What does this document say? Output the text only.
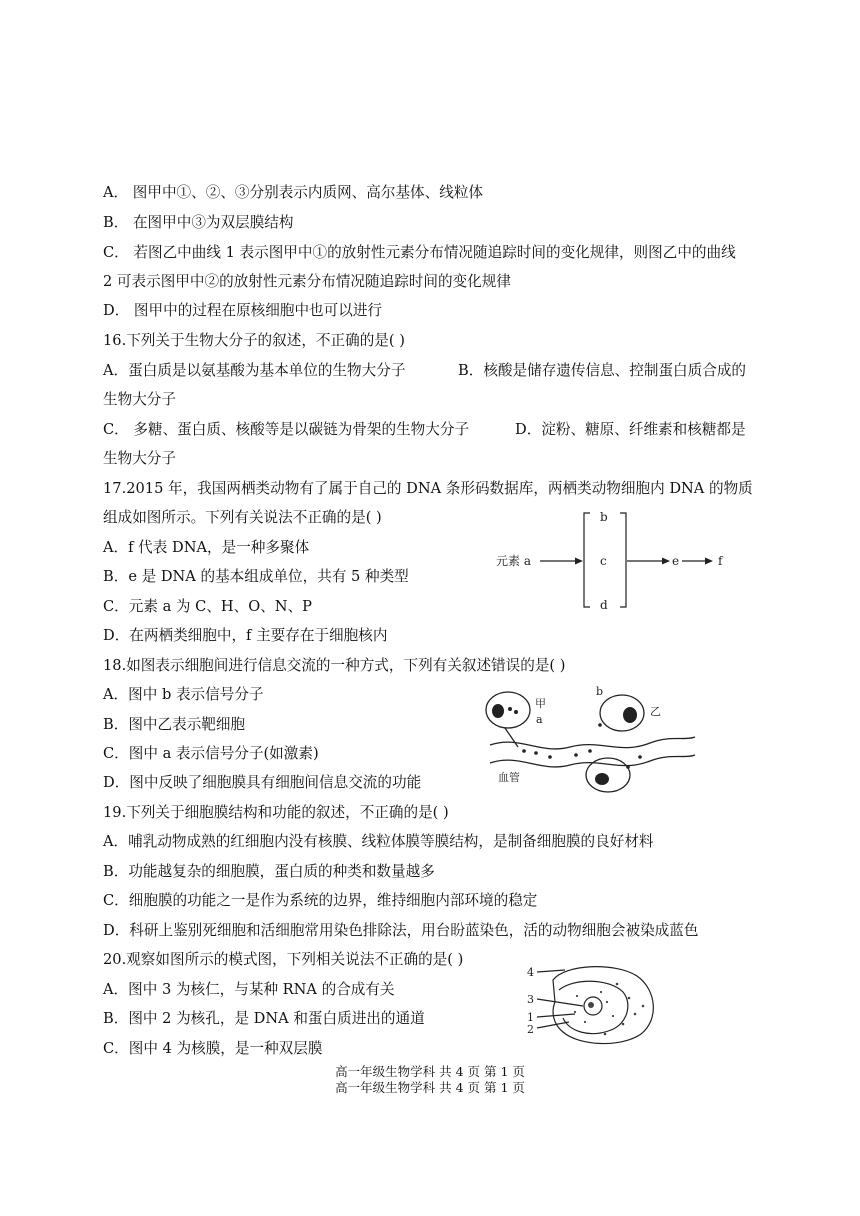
A． 图甲中①、②、③分别表示内质网、高尔基体、线粒体
B． 在图甲中③为双层膜结构
C． 若图乙中曲线 1 表示图甲中①的放射性元素分布情况随追踪时间的变化规律，则图乙中的曲线
2 可表示图甲中②的放射性元素分布情况随追踪时间的变化规律
D． 图甲中的过程在原核细胞中也可以进行
16.下列关于生物大分子的叙述，不正确的是( )
A．蛋白质是以氨基酸为基本单位的生物大分子	B．核酸是储存遗传信息、控制蛋白质合成的
生物大分子
C． 多糖、蛋白质、核酸等是以碳链为骨架的生物大分子	D．淀粉、糖原、纤维素和核糖都是
生物大分子
17.2015 年，我国两栖类动物有了属于自己的 DNA 条形码数据库，两栖类动物细胞内 DNA 的物质
组成如图所示。下列有关说法不正确的是( )
A．f 代表 DNA，是一种多聚体
B．e 是 DNA 的基本组成单位，共有 5 种类型
C．元素 a 为 C、H、O、N、P
D．在两栖类细胞中，f 主要存在于细胞核内
元素 a
b
c
d
e	f
18.如图表示细胞间进行信息交流的一种方式，下列有关叙述错误的是( )
A．图中 b 表示信号分子
B．图中乙表示靶细胞
C．图中 a 表示信号分子(如激素)
D．图中反映了细胞膜具有细胞间信息交流的功能
甲
乙
a
b
血管
19.下列关于细胞膜结构和功能的叙述，不正确的是( )
A．哺乳动物成熟的红细胞内没有核膜、线粒体膜等膜结构，是制备细胞膜的良好材料
B．功能越复杂的细胞膜，蛋白质的种类和数量越多
C．细胞膜的功能之一是作为系统的边界，维持细胞内部环境的稳定
D．科研上鉴别死细胞和活细胞常用染色排除法，用台盼蓝染色，活的动物细胞会被染成蓝色
20.观察如图所示的模式图，下列相关说法不正确的是( )
A．图中 3 为核仁，与某种 RNA 的合成有关
B．图中 2 为核孔，是 DNA 和蛋白质进出的通道
C．图中 4 为核膜，是一种双层膜
4
3
1
2
高一年级生物学科 共 4 页 第 1 页
高一年级生物学科 共 4 页 第 1 页
